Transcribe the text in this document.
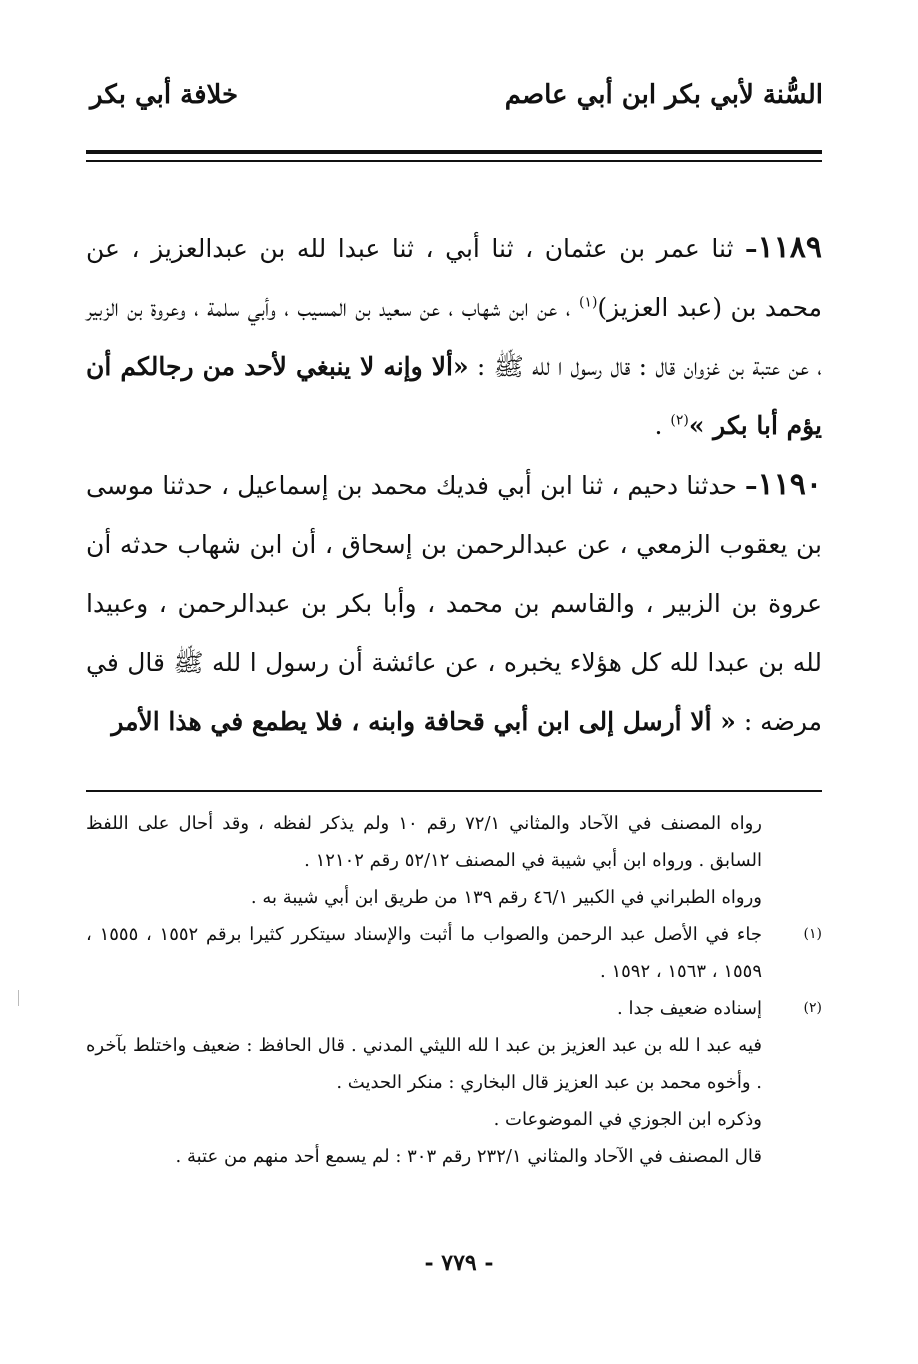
السُّنة لأبي بكر ابن أبي عاصم
خلافة أبي بكر

١١٨٩– ثنا عمر بن عثمان ، ثنا أبي ، ثنا عبدا لله بن عبدالعزيز ، عن محمد بن (عبد العزيز)$^{(١)}$ ، عن ابن شهاب ، عن سعيد بن المسيب ، وأبي سلمة ، وعروة بن الزبير ، عن عتبة بن غزوان قال : قال رسول ا لله ﷺ : «ألا وإنه لا ينبغي لأحد من رجالكم أن يؤم أبا بكر »$^{(٢)}$ .

١١٩٠– حدثنا دحيم ، ثنا ابن أبي فديك محمد بن إسماعيل ، حدثنا موسى بن يعقوب الزمعي ، عن عبدالرحمن بن إسحاق ، أن ابن شهاب حدثه أن عروة بن الزبير ، والقاسم بن محمد ، وأبا بكر بن عبدالرحمن ، وعبيدا لله بن عبدا لله كل هؤلاء يخبره ، عن عائشة أن رسول ا لله ﷺ قال في مرضه : « ألا أرسل إلى ابن أبي قحافة وابنه ، فلا يطمع في هذا الأمر

رواه المصنف في الآحاد والمثاني ٧٢/١ رقم ١٠ ولم يذكر لفظه ، وقد أحال على اللفظ السابق . ورواه ابن أبي شيبة في المصنف ٥٢/١٢ رقم ١٢١٠٢ .
ورواه الطبراني في الكبير ٤٦/١ رقم ١٣٩ من طريق ابن أبي شيبة به .
(١)
جاء في الأصل عبد الرحمن والصواب ما أثبت والإسناد سيتكرر كثيرا برقم ١٥٥٢ ، ١٥٥٥ ، ١٥٥٩ ، ١٥٦٣ ، ١٥٩٢ .
(٢)
إسناده ضعيف جدا .
فيه عبد ا لله بن عبد العزيز بن عبد ا لله الليثي المدني . قال الحافظ : ضعيف واختلط بآخره . وأخوه محمد بن عبد العزيز قال البخاري : منكر الحديث .
وذكره ابن الجوزي في الموضوعات .
قال المصنف في الآحاد والمثاني ٢٣٢/١ رقم ٣٠٣ : لم يسمع أحد منهم من عتبة .
- ٧٧٩ -
